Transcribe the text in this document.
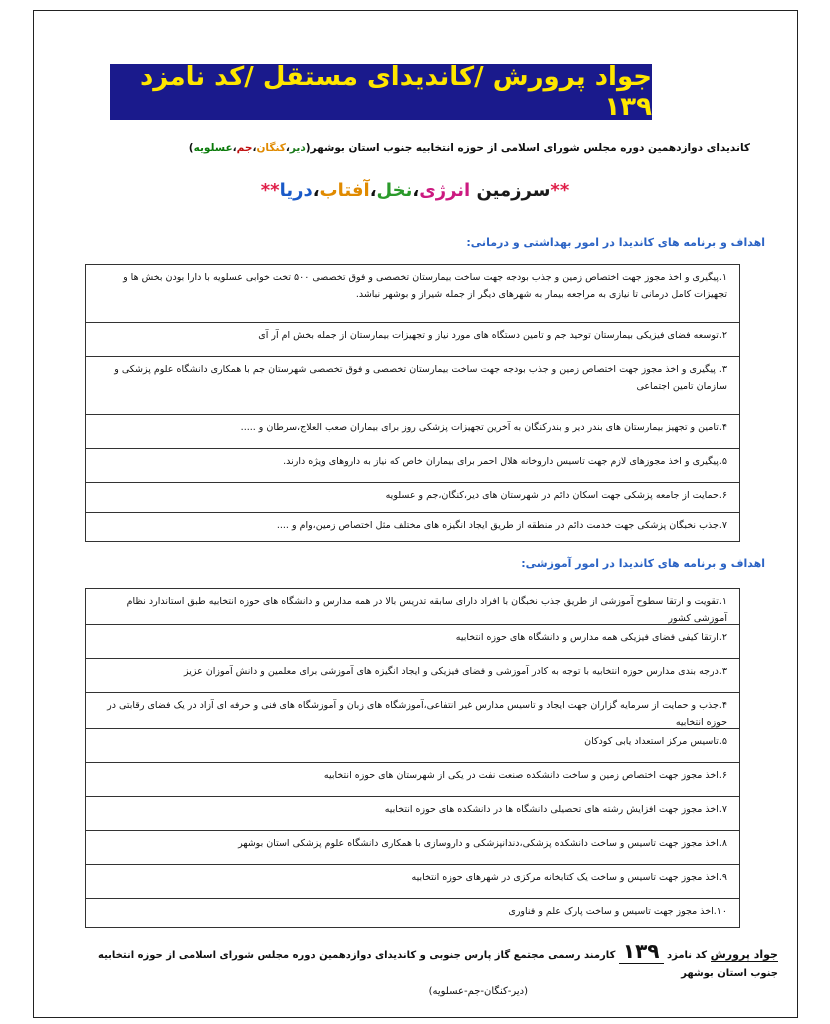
جواد پرورش /کاندیدای مستقل /کد نامزد ۱۳۹
کاندیدای دوازدهمین دوره مجلس شورای اسلامی از حوزه انتخابیه جنوب استان بوشهر(دیر،کنگان،جم،عسلویه)
**سرزمین انرژی،نخل،آفتاب،دریا**
اهداف و برنامه های کاندیدا در امور بهداشتی و درمانی:
۱.پیگیری و اخذ مجوز جهت اختصاص زمین و جذب بودجه جهت ساخت بیمارستان تخصصی و فوق تخصصی ۵۰۰ تخت خوابی عسلویه با دارا بودن بخش ها و تجهیزات کامل درمانی تا نیازی به مراجعه بیمار به شهرهای دیگر از جمله شیراز و بوشهر نباشد.
۲.توسعه فضای فیزیکی بیمارستان توحید جم و تامین دستگاه های مورد نیاز و تجهیزات بیمارستان از جمله بخش ام آر آی
۳. پیگیری و اخذ مجوز جهت اختصاص زمین و جذب بودجه جهت ساخت بیمارستان تخصصی و فوق تخصصی شهرستان جم با همکاری دانشگاه علوم پزشکی و سازمان تامین اجتماعی
۴.تامین و تجهیز بیمارستان های بندر دیر و بندرکنگان به آخرین تجهیزات پزشکی روز برای بیماران صعب العلاج،سرطان و .....
۵.پیگیری و اخذ مجوزهای لازم جهت تاسیس داروخانه هلال احمر برای بیماران خاص که نیاز به داروهای ویژه دارند.
۶.حمایت از جامعه پزشکی جهت اسکان دائم در شهرستان های دیر،کنگان،جم و عسلویه
۷.جذب نخبگان پزشکی جهت خدمت دائم در منطقه از طریق ایجاد انگیزه های مختلف مثل اختصاص زمین،وام و ....
اهداف و برنامه های کاندیدا در امور آموزشی:
۱.تقویت و ارتقا سطوح آموزشی از طریق جذب نخبگان با افراد دارای سابقه تدریس بالا در همه مدارس و دانشگاه های حوزه انتخابیه طبق استاندارد نظام آموزشی کشور
۲.ارتقا کیفی فضای فیزیکی همه مدارس و دانشگاه های حوزه انتخابیه
۳.درجه بندی مدارس حوزه انتخابیه با توجه به کادر آموزشی و فضای فیزیکی و ایجاد انگیزه های آموزشی برای معلمین و دانش آموزان عزیز
۴.جذب و حمایت از سرمایه گزاران جهت ایجاد و تاسیس مدارس غیر انتفاعی،آموزشگاه های زبان و آموزشگاه های فنی و حرفه ای آزاد در یک فضای رقابتی در حوزه انتخابیه
۵.تاسیس مرکز استعداد یابی کودکان
۶.اخذ مجوز جهت اختصاص زمین و ساخت دانشکده صنعت نفت در یکی از شهرستان های حوزه انتخابیه
۷.اخذ مجوز جهت افزایش رشته های تحصیلی دانشگاه ها در دانشکده های حوزه انتخابیه
۸.اخذ مجوز جهت تاسیس و ساخت دانشکده پزشکی،دندانپزشکی و داروسازی با همکاری دانشگاه علوم پزشکی استان بوشهر
۹.اخذ مجوز جهت تاسیس و ساخت یک کتابخانه مرکزی در شهرهای حوزه انتخابیه
۱۰.اخذ مجوز جهت تاسیس و ساخت پارک علم و فناوری
جواد پرورش کد نامزد ۱۳۹ کارمند رسمی مجتمع گاز پارس جنوبی و کاندیدای دوازدهمین دوره مجلس شورای اسلامی از حوزه انتخابیه جنوب استان بوشهر
(دیر-کنگان-جم-عسلویه)
